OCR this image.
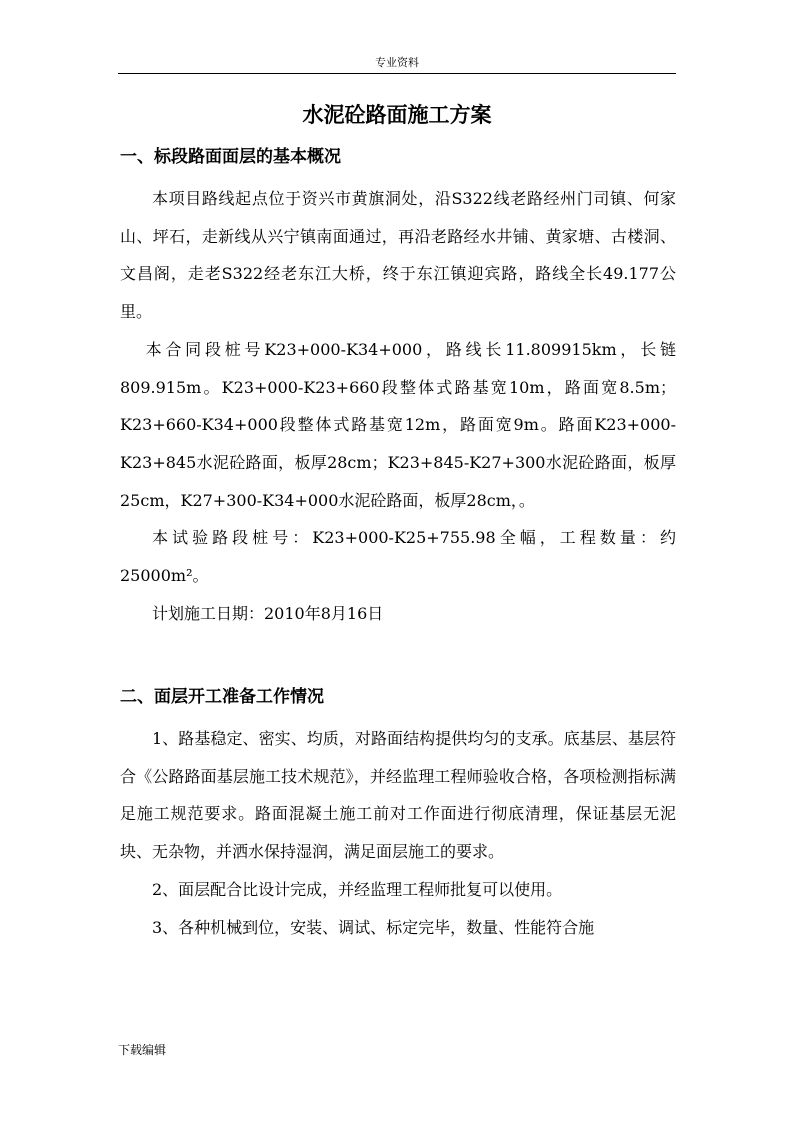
专业资料
水泥砼路面施工方案
一、标段路面面层的基本概况

本项目路线起点位于资兴市黄旗洞处，沿S322线老路经州门司镇、何家山、坪石，走新线从兴宁镇南面通过，再沿老路经水井铺、黄家塘、古楼洞、文昌阁，走老S322经老东江大桥，终于东江镇迎宾路，路线全长49.177公里。

本合同段桩号K23+000-K34+000，路线长11.809915km，长链809.915m。K23+000-K23+660段整体式路基宽10m，路面宽8.5m；K23+660-K34+000段整体式路基宽12m，路面宽9m。路面K23+000-K23+845水泥砼路面，板厚28cm；K23+845-K27+300水泥砼路面，板厚25cm，K27+300-K34+000水泥砼路面，板厚28cm，。

本试验路段桩号：K23+000-K25+755.98全幅，工程数量：约25000m²。

计划施工日期：2010年8月16日

二、面层开工准备工作情况

1、路基稳定、密实、均质，对路面结构提供均匀的支承。底基层、基层符合《公路路面基层施工技术规范》，并经监理工程师验收合格，各项检测指标满足施工规范要求。路面混凝土施工前对工作面进行彻底清理，保证基层无泥块、无杂物，并洒水保持湿润，满足面层施工的要求。

2、面层配合比设计完成，并经监理工程师批复可以使用。

3、各种机械到位，安装、调试、标定完毕，数量、性能符合施

下载编辑
